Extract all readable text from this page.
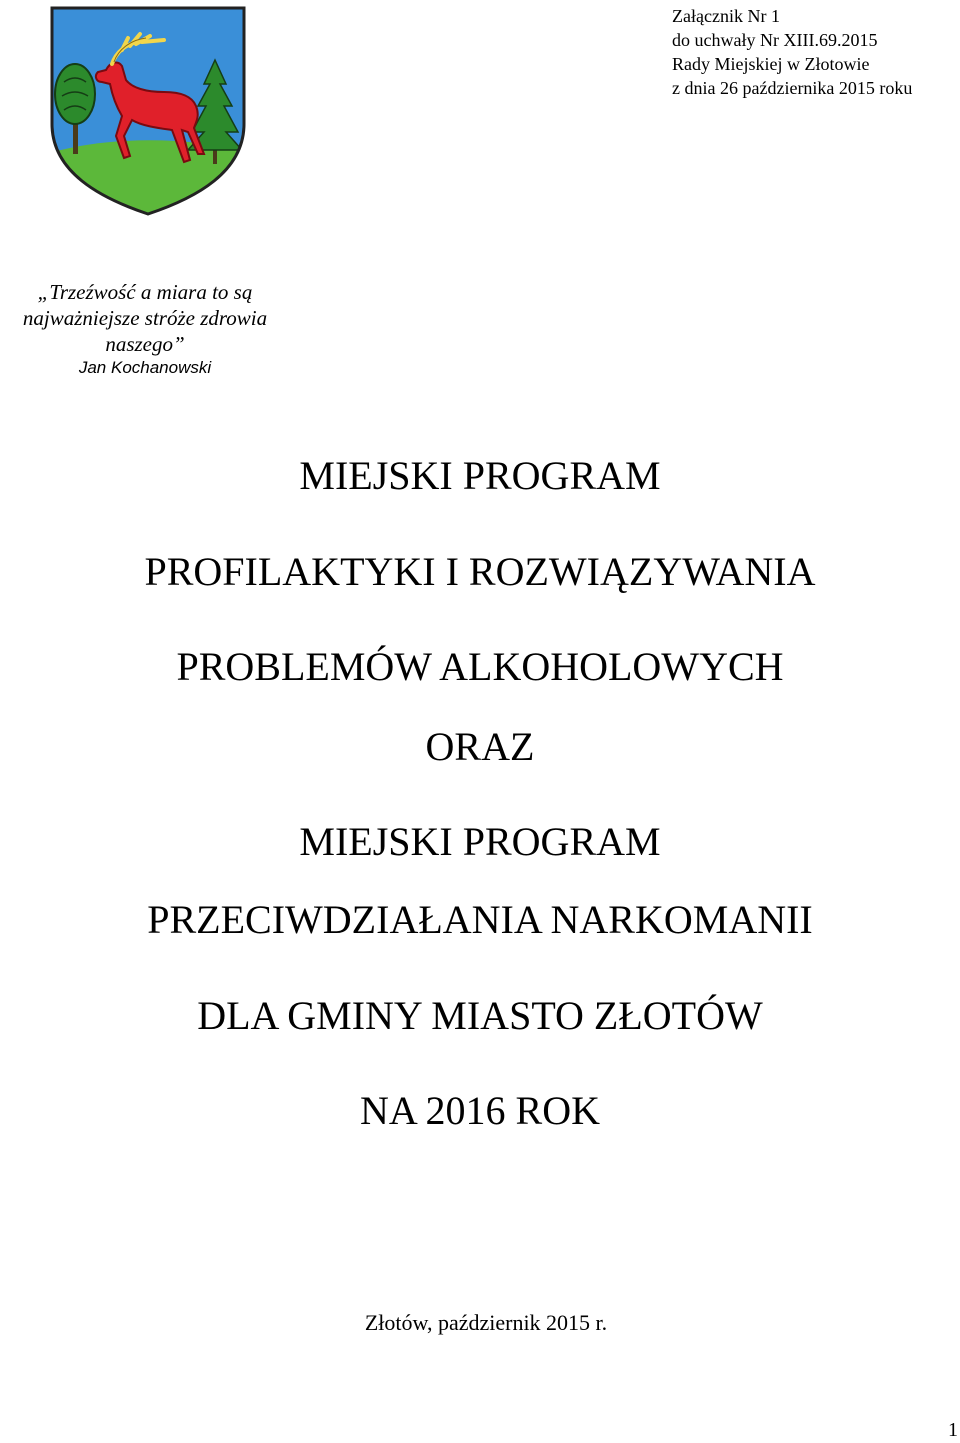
Załącznik Nr 1
do uchwały Nr XIII.69.2015
Rady Miejskiej w Złotowie
z dnia 26 października 2015 roku
„Trzeźwość a miara to są
najważniejsze stróże zdrowia
naszego”
Jan Kochanowski
MIEJSKI PROGRAM
PROFILAKTYKI I ROZWIĄZYWANIA
PROBLEMÓW ALKOHOLOWYCH
ORAZ
MIEJSKI PROGRAM
PRZECIWDZIAŁANIA NARKOMANII
DLA GMINY MIASTO ZŁOTÓW
NA 2016 ROK
Złotów, październik 2015 r.
1
